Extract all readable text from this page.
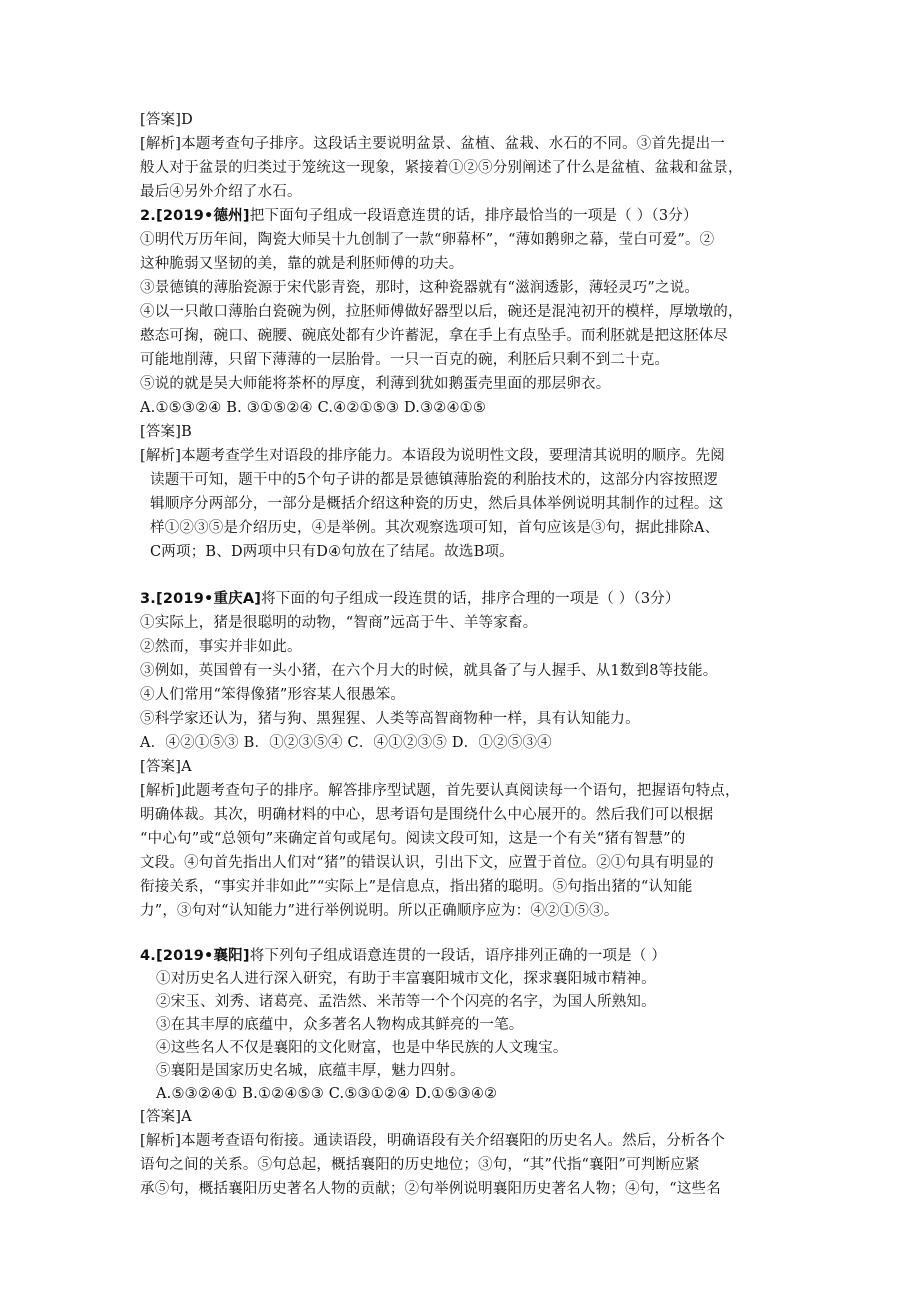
[答案]D
[解析]本题考查句子排序。这段话主要说明盆景、盆植、盆栽、水石的不同。③首先提出一
般人对于盆景的归类过于笼统这一现象，紧接着①②⑤分别阐述了什么是盆植、盆栽和盆景，
最后④另外介绍了水石。
2.[2019•德州]把下面句子组成一段语意连贯的话，排序最恰当的一项是（ ）（3分）
①明代万历年间，陶瓷大师吴十九创制了一款“卵幕杯”，“薄如鹅卵之幕，莹白可爱”。②
这种脆弱又坚韧的美，靠的就是利胚师傅的功夫。
③景德镇的薄胎瓷源于宋代影青瓷，那时，这种瓷器就有“滋润透影，薄轻灵巧”之说。
④以一只敞口薄胎白瓷碗为例，拉胚师傅做好器型以后，碗还是混沌初开的模样，厚墩墩的，
憨态可掬，碗口、碗腰、碗底处都有少许蓄泥，拿在手上有点坠手。而利胚就是把这胚体尽
可能地削薄，只留下薄薄的一层胎骨。一只一百克的碗，利胚后只剩不到二十克。
⑤说的就是吴大师能将茶杯的厚度，利薄到犹如鹅蛋壳里面的那层卵衣。
A.①⑤③②④ B. ③①⑤②④ C.④②①⑤③ D.③②④①⑤
[答案]B
[解析]本题考查学生对语段的排序能力。本语段为说明性文段，要理清其说明的顺序。先阅
读题干可知，题干中的5个句子讲的都是景德镇薄胎瓷的利胎技术的，这部分内容按照逻
辑顺序分两部分，一部分是概括介绍这种瓷的历史，然后具体举例说明其制作的过程。这
样①②③⑤是介绍历史，④是举例。其次观察选项可知，首句应该是③句，据此排除A、
C两项；B、D两项中只有D④句放在了结尾。故选B项。
3.[2019•重庆A]将下面的句子组成一段连贯的话，排序合理的一项是（ ）（3分）
①实际上，猪是很聪明的动物，“智商”远高于牛、羊等家畜。
②然而，事实并非如此。
③例如，英国曾有一头小猪，在六个月大的时候，就具备了与人握手、从1数到8等技能。
④人们常用“笨得像猪”形容某人很愚笨。
⑤科学家还认为，猪与狗、黑猩猩、人类等高智商物种一样，具有认知能力。
A．④②①⑤③ B．①②③⑤④ C．④①②③⑤ D．①②⑤③④
[答案]A
[解析]此题考查句子的排序。解答排序型试题，首先要认真阅读每一个语句，把握语句特点，
明确体裁。其次，明确材料的中心，思考语句是围绕什么中心展开的。然后我们可以根据
“中心句”或“总领句”来确定首句或尾句。阅读文段可知，这是一个有关“猪有智慧”的
文段。④句首先指出人们对“猪”的错误认识，引出下文，应置于首位。②①句具有明显的
衔接关系，“事实并非如此”“实际上”是信息点，指出猪的聪明。⑤句指出猪的“认知能
力”，③句对“认知能力”进行举例说明。所以正确顺序应为：④②①⑤③。
4.[2019•襄阳]将下列句子组成语意连贯的一段话，语序排列正确的一项是（ ）
①对历史名人进行深入研究，有助于丰富襄阳城市文化，探求襄阳城市精神。
②宋玉、刘秀、诸葛亮、孟浩然、米芾等一个个闪亮的名字，为国人所熟知。
③在其丰厚的底蕴中，众多著名人物构成其鲜亮的一笔。
④这些名人不仅是襄阳的文化财富，也是中华民族的人文瑰宝。
⑤襄阳是国家历史名城，底蕴丰厚，魅力四射。
A.⑤③②④① B.①②④⑤③ C.⑤③①②④ D.①⑤③④②
[答案]A
[解析]本题考查语句衔接。通读语段，明确语段有关介绍襄阳的历史名人。然后，分析各个
语句之间的关系。⑤句总起，概括襄阳的历史地位；③句，“其”代指“襄阳”可判断应紧
承⑤句，概括襄阳历史著名人物的贡献；②句举例说明襄阳历史著名人物；④句，“这些名
